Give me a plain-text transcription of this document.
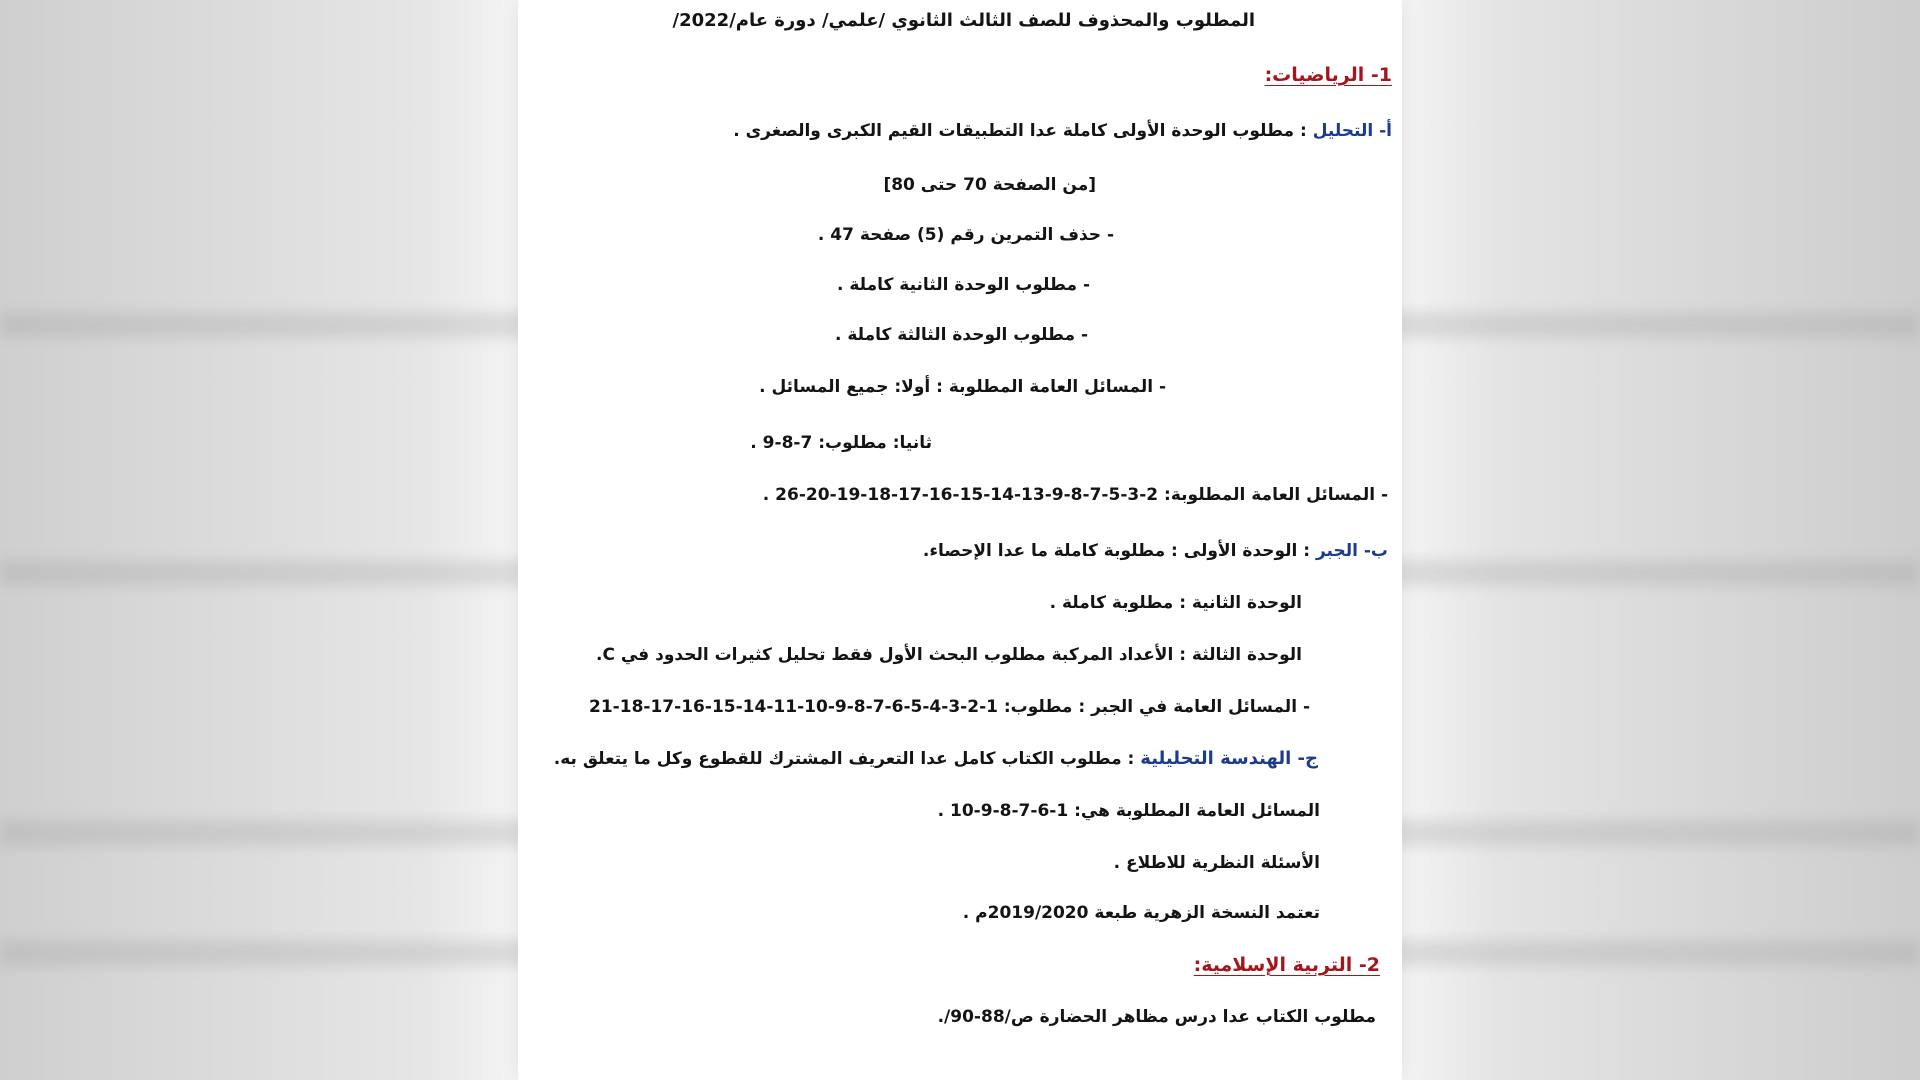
المطلوب والمحذوف للصف الثالث الثانوي /علمي/ دورة عام/2022/
1- الرياضيات:
أ- التحليل : مطلوب الوحدة الأولى كاملة عدا التطبيقات القيم الكبرى والصغرى .
[من الصفحة 70 حتى 80]
- حذف التمرين رقم (5) صفحة 47 .
- مطلوب الوحدة الثانية كاملة .
- مطلوب الوحدة الثالثة كاملة .
- المسائل العامة المطلوبة : أولا: جميع المسائل .
ثانيا: مطلوب: 7-8-9 .
- المسائل العامة المطلوبة: 2-3-5-7-8-9-13-14-15-16-17-18-19-20-26 .
ب- الجبر : الوحدة الأولى : مطلوبة كاملة ما عدا الإحصاء.
الوحدة الثانية : مطلوبة كاملة .
الوحدة الثالثة : الأعداد المركبة مطلوب البحث الأول فقط تحليل كثيرات الحدود في C.
- المسائل العامة في الجبر : مطلوب: 1-2-3-4-5-6-7-8-9-10-11-14-15-16-17-18-21
ج- الهندسة التحليلية : مطلوب الكتاب كامل عدا التعريف المشترك للقطوع وكل ما يتعلق به.
المسائل العامة المطلوبة هي: 1-6-7-8-9-10 .
الأسئلة النظرية للاطلاع .
تعتمد النسخة الزهرية طبعة 2019/2020م .
2- التربية الإسلامية:
مطلوب الكتاب عدا درس مظاهر الحضارة ص/88-90/.
